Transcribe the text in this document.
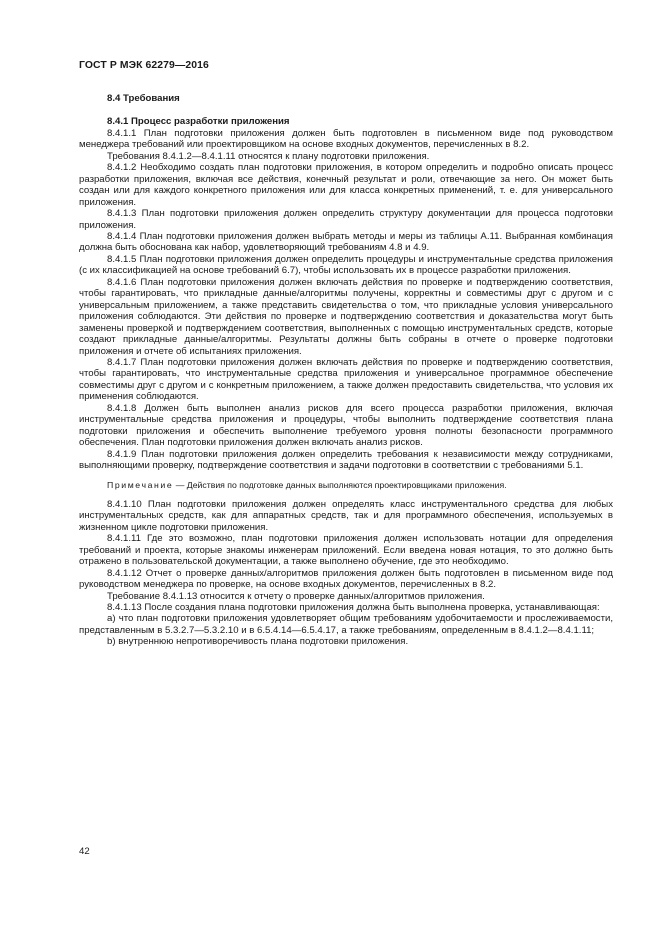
ГОСТ Р МЭК 62279—2016
8.4 Требования
8.4.1 Процесс разработки приложения

8.4.1.1 План подготовки приложения должен быть подготовлен в письменном виде под руководством менеджера требований или проектировщиком на основе входных документов, перечисленных в 8.2.

Требования 8.4.1.2—8.4.1.11 относятся к плану подготовки приложения.

8.4.1.2 Необходимо создать план подготовки приложения, в котором определить и подробно описать процесс разработки приложения, включая все действия, конечный результат и роли, отвечающие за него. Он может быть создан или для каждого конкретного приложения или для класса конкретных применений, т. е. для универсального приложения.

8.4.1.3 План подготовки приложения должен определить структуру документации для процесса подготовки приложения.

8.4.1.4 План подготовки приложения должен выбрать методы и меры из таблицы А.11. Выбранная комбинация должна быть обоснована как набор, удовлетворяющий требованиям 4.8 и 4.9.

8.4.1.5 План подготовки приложения должен определить процедуры и инструментальные средства приложения (с их классификацией на основе требований 6.7), чтобы использовать их в процессе разработки приложения.

8.4.1.6 План подготовки приложения должен включать действия по проверке и подтверждению соответствия, чтобы гарантировать, что прикладные данные/алгоритмы получены, корректны и совместимы друг с другом и с универсальным приложением, а также представить свидетельства о том, что прикладные условия универсального приложения соблюдаются. Эти действия по проверке и подтверждению соответствия и доказательства могут быть заменены проверкой и подтверждением соответствия, выполненных с помощью инструментальных средств, которые создают прикладные данные/алгоритмы. Результаты должны быть собраны в отчете о проверке подготовки приложения и отчете об испытаниях приложения.

8.4.1.7 План подготовки приложения должен включать действия по проверке и подтверждению соответствия, чтобы гарантировать, что инструментальные средства приложения и универсальное программное обеспечение совместимы друг с другом и с конкретным приложением, а также должен предоставить свидетельства, что условия их применения соблюдаются.

8.4.1.8 Должен быть выполнен анализ рисков для всего процесса разработки приложения, включая инструментальные средства приложения и процедуры, чтобы выполнить подтверждение соответствия плана подготовки приложения и обеспечить выполнение требуемого уровня полноты безопасности программного обеспечения. План подготовки приложения должен включать анализ рисков.

8.4.1.9 План подготовки приложения должен определить требования к независимости между сотрудниками, выполняющими проверку, подтверждение соответствия и задачи подготовки в соответствии с требованиями 5.1.

Примечание — Действия по подготовке данных выполняются проектировщиками приложения.

8.4.1.10 План подготовки приложения должен определять класс инструментального средства для любых инструментальных средств, как для аппаратных средств, так и для программного обеспечения, используемых в жизненном цикле подготовки приложения.

8.4.1.11 Где это возможно, план подготовки приложения должен использовать нотации для определения требований и проекта, которые знакомы инженерам приложений. Если введена новая нотация, то это должно быть отражено в пользовательской документации, а также выполнено обучение, где это необходимо.

8.4.1.12 Отчет о проверке данных/алгоритмов приложения должен быть подготовлен в письменном виде под руководством менеджера по проверке, на основе входных документов, перечисленных в 8.2.

Требование 8.4.1.13 относится к отчету о проверке данных/алгоритмов приложения.

8.4.1.13 После создания плана подготовки приложения должна быть выполнена проверка, устанавливающая:

a) что план подготовки приложения удовлетворяет общим требованиям удобочитаемости и прослеживаемости, представленным в 5.3.2.7—5.3.2.10 и в 6.5.4.14—6.5.4.17, а также требованиям, определенным в 8.4.1.2—8.4.1.11;

b) внутреннюю непротиворечивость плана подготовки приложения.

42
